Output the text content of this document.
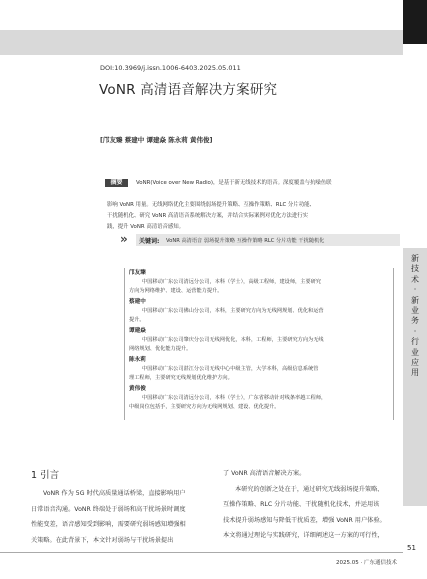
DOI:10.3969/j.issn.1006-6403.2025.05.011
VoNR 高清语音解决方案研究
[邝友臻 蔡建中 谭建焱 陈永莉 黄伟俊]
摘要	VoNR(Voice over New Radio)，是基于新无线技术的语音。深度覆盖与抗噪鱼联
影响 VoNR 用量。无线网络优化主要围绕弱场提升策略、互操作策略、RLC 分片功能、
干扰随机化、研究 VoNR 高清语音系统解决方案，并结合实际案例对优化方法进行实
践，提升 VoNR 高清语音感知。
» 关键词: VoNR 高清语音 弱场提升策略 互操作策略 RLC 分片功能 干扰随机化
邝友臻
中国移动广东公司清远分公司，本科（学士），高级工程师，建设师，主要研究
方向为网络维护、建设、运营能力提升。
蔡建中
中国移动广东公司佛山分公司，本科，主要研究方向为无线网规划、优化和运营
提升。
谭建焱
中国移动广东公司肇庆分公司无线网优化，本科，工程师，主要研究方向为无线
网络规划、优化能力提升。
陈永莉
中国移动广东公司湛江分公司无线中心中级主管，大学本科，高级信息系统管
理工程师，主要研究无线规划优化维护方向。
黄伟俊
中国移动广东公司清远分公司，本科（学士），广东省移动针对线条率越工程师，
中级岗位包括手，主要研究方向为无线网规划、建设、优化提升。
新技术·新业务·行业应用
1 引言
VoNR 作为 5G 时代高质量通话桥梁，直接影响用户
日常语音沟通。VoNR 终端处于弱场和高干扰场景时调度
性能变差，语音感知受到影响，需要研究弱场感知增强相
关策略。在此背景下，本文针对弱场与干扰场景提出
了 VoNR 高清语音解决方案。
本研究的创新之处在于，通过研究无线弱场提升策略、
互操作策略、RLC 分片功能、干扰随机化技术，并运用该
技术提升弱场感知与降低干扰质差，增强 VoNR 用户体验。
本文将通过理论与实践研究，详细阐述这一方案的可行性，
2025.05 · 广东通信技术
51
